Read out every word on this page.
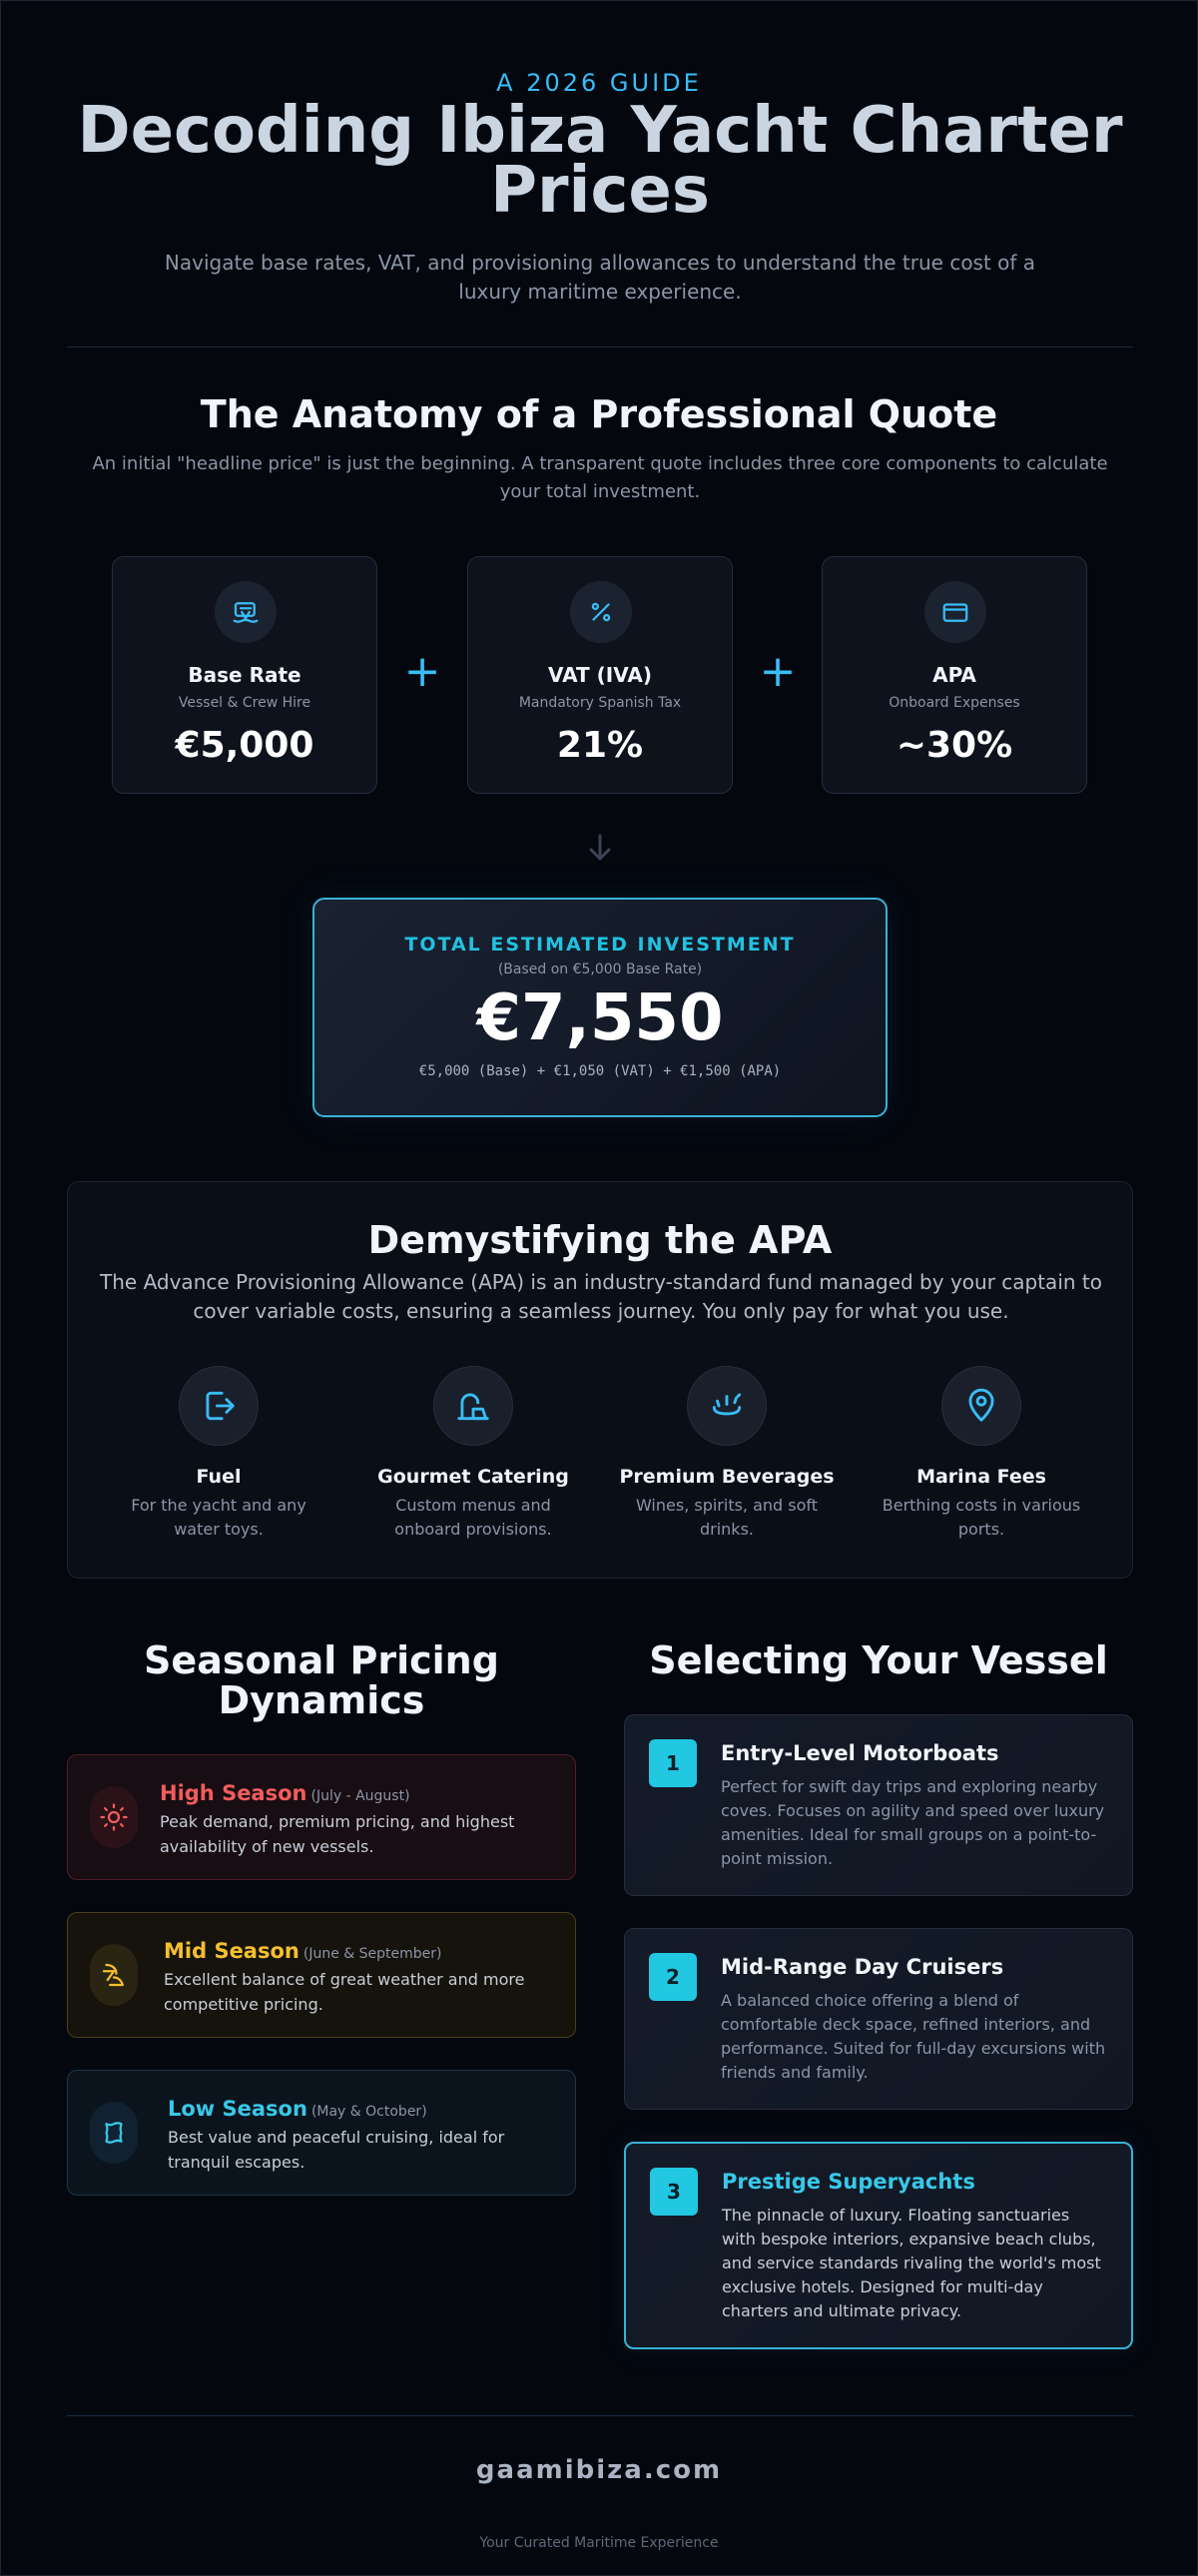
A 2026 GUIDE
Decoding Ibiza Yacht Charter Prices

Navigate base rates, VAT, and provisioning allowances to understand the true cost of a luxury maritime experience.

The Anatomy of a Professional Quote

An initial "headline price" is just the beginning. A transparent quote includes three core components to calculate your total investment.

Base Rate
Vessel & Crew Hire
€5,000
+	VAT (IVA)
Mandatory Spanish Tax
21%
+	APA
Onboard Expenses
~30%
TOTAL ESTIMATED INVESTMENT
(Based on €5,000 Base Rate)
€7,550
€5,000 (Base) + €1,050 (VAT) + €1,500 (APA)
Demystifying the APA

The Advance Provisioning Allowance (APA) is an industry-standard fund managed by your captain to cover variable costs, ensuring a seamless journey. You only pay for what you use.

Fuel
For the yacht and any water toys.
Gourmet Catering
Custom menus and onboard provisions.
Premium Beverages
Wines, spirits, and soft drinks.
Marina Fees
Berthing costs in various ports.
Seasonal Pricing Dynamics
High Season (July - August)
Peak demand, premium pricing, and highest availability of new vessels.
Mid Season (June & September)
Excellent balance of great weather and more competitive pricing.
Low Season (May & October)
Best value and peaceful cruising, ideal for tranquil escapes.
Selecting Your Vessel
1	Entry-Level Motorboats
Perfect for swift day trips and exploring nearby coves. Focuses on agility and speed over luxury amenities. Ideal for small groups on a point-to-point mission.
2	Mid-Range Day Cruisers
A balanced choice offering a blend of comfortable deck space, refined interiors, and performance. Suited for full-day excursions with friends and family.
3	Prestige Superyachts
The pinnacle of luxury. Floating sanctuaries with bespoke interiors, expansive beach clubs, and service standards rivaling the world's most exclusive hotels. Designed for multi-day charters and ultimate privacy.
gaamibiza.com
Your Curated Maritime Experience
